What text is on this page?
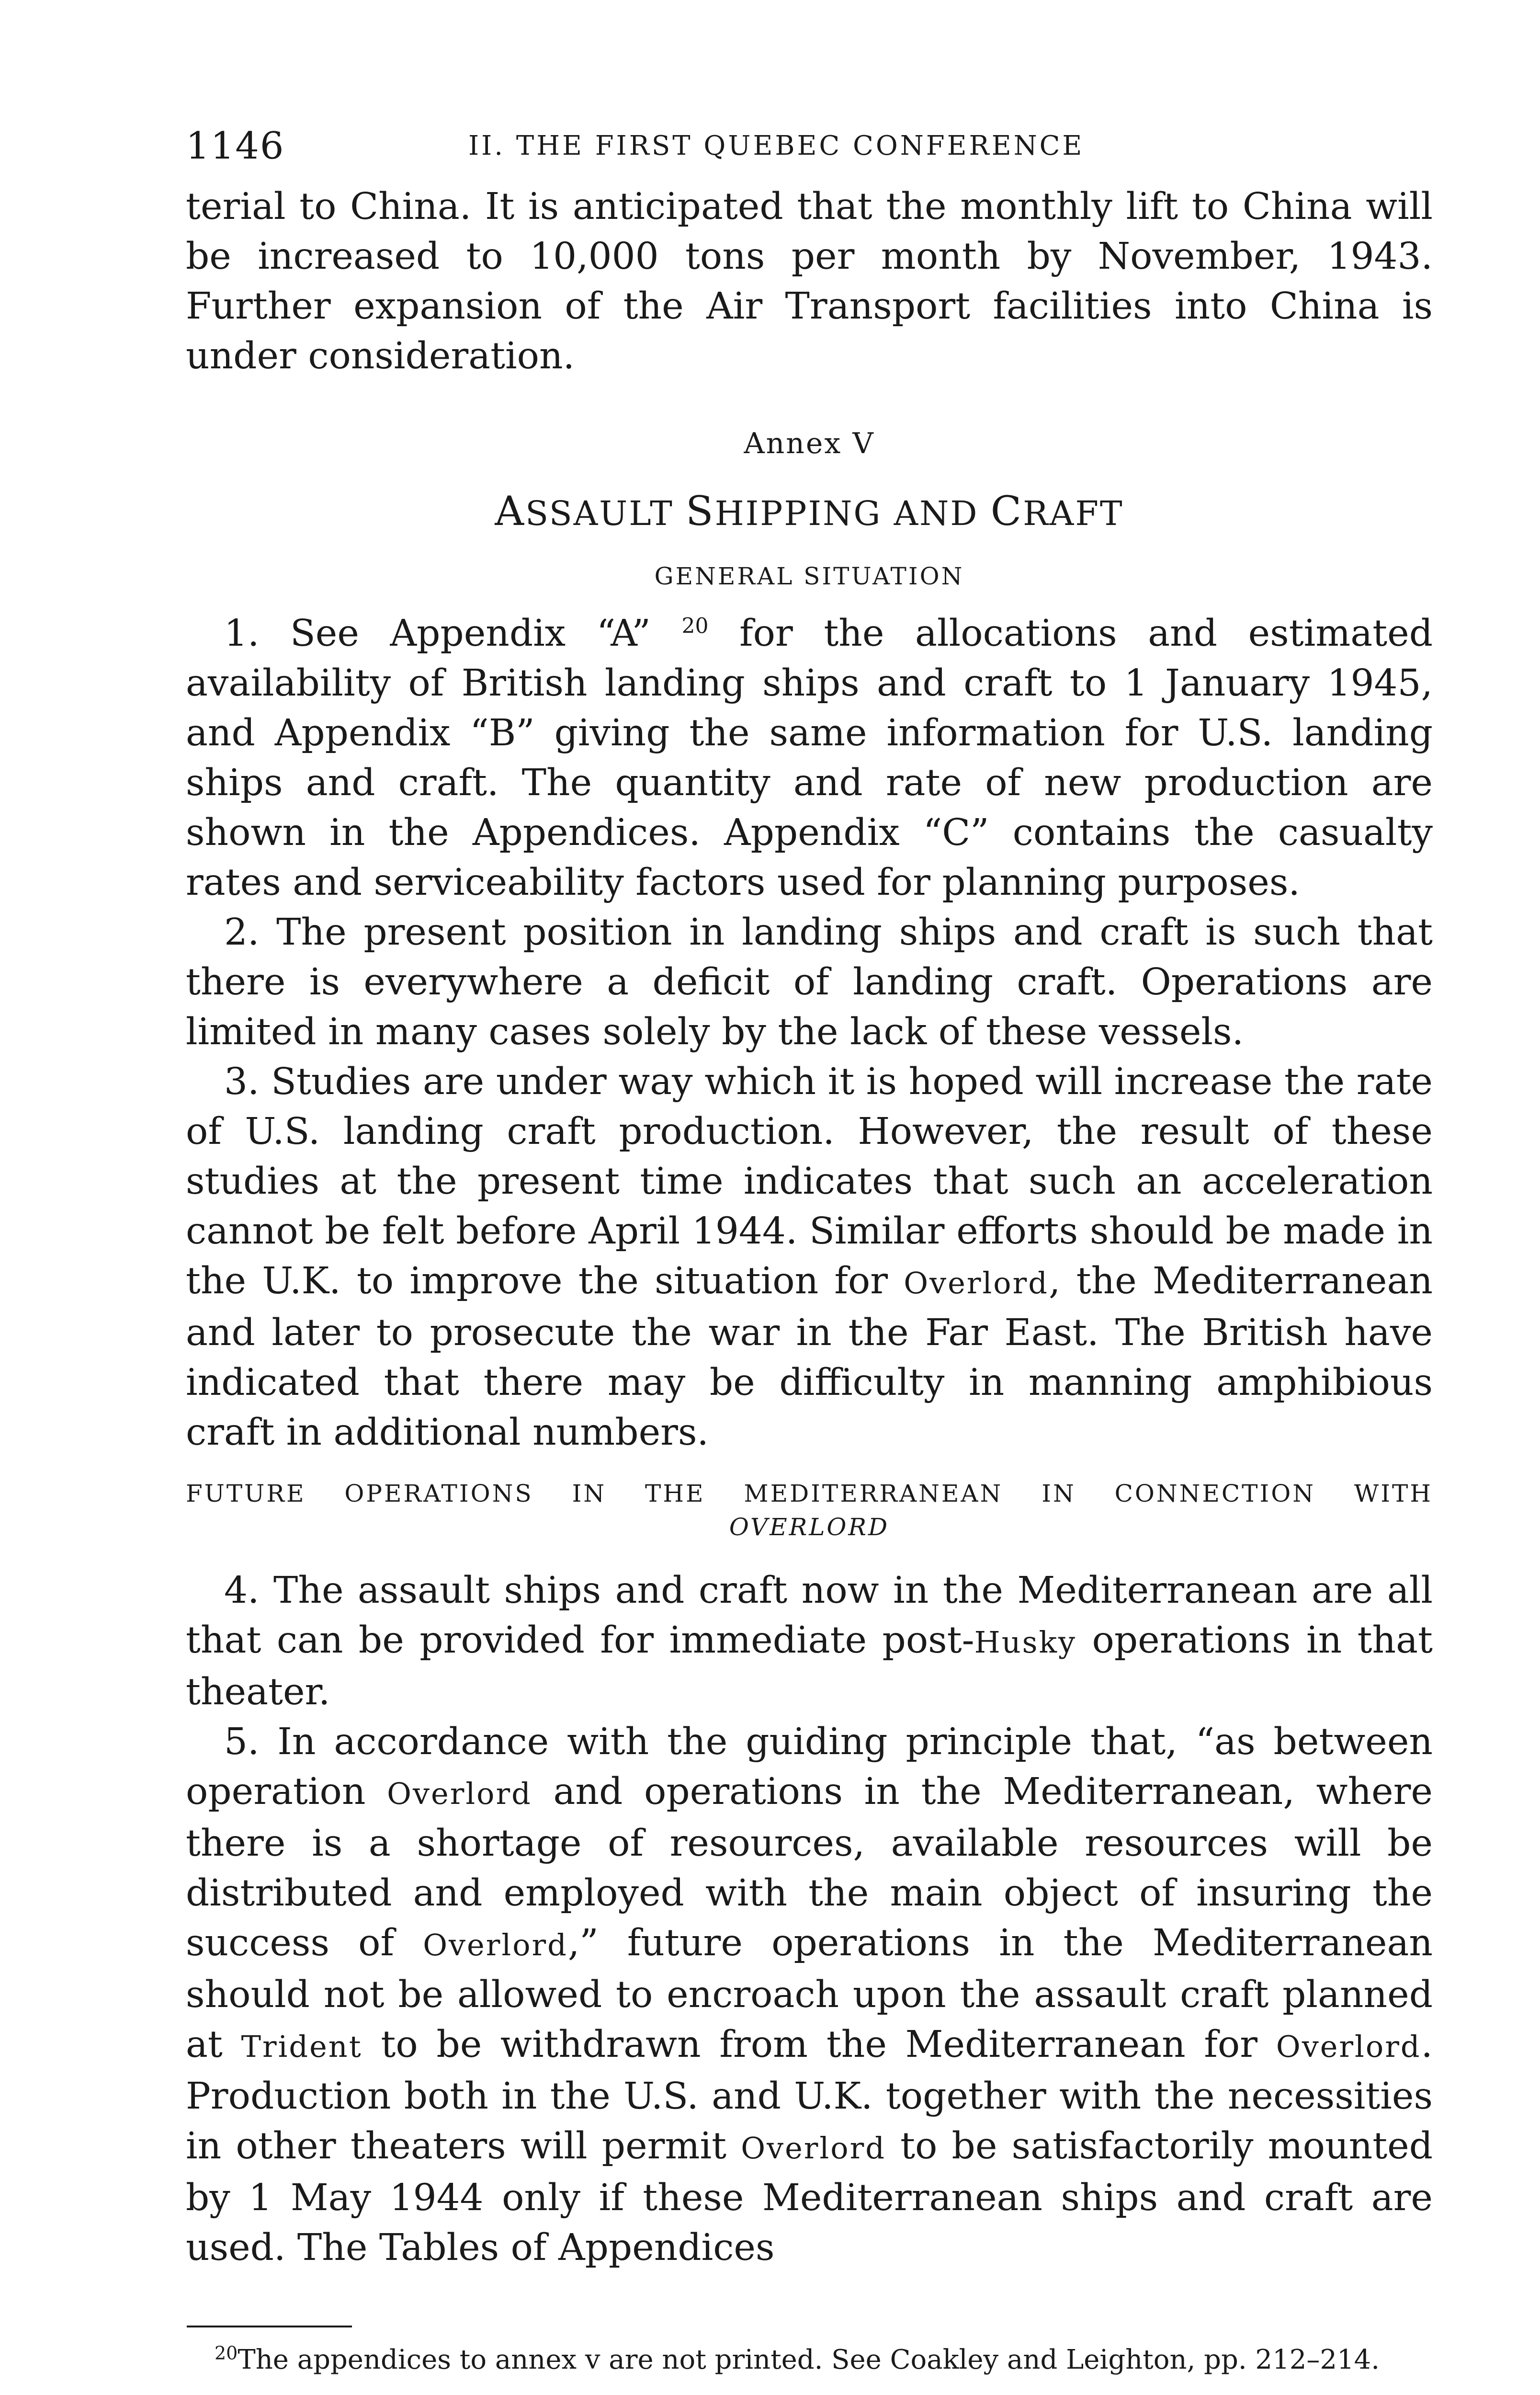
1146	II. THE FIRST QUEBEC CONFERENCE

terial to China. It is anticipated that the monthly lift to China will be increased to 10,000 tons per month by November, 1943. Further expansion of the Air Transport facilities into China is under consideration.

Annex V
ASSAULT SHIPPING AND CRAFT
GENERAL SITUATION

1. See Appendix “A” $^{20}$ for the allocations and estimated availability of British landing ships and craft to 1 January 1945, and Appendix “B” giving the same information for U.S. landing ships and craft. The quantity and rate of new production are shown in the Appendices. Appendix “C” contains the casualty rates and serviceability factors used for planning purposes.

2. The present position in landing ships and craft is such that there is everywhere a deficit of landing craft. Operations are limited in many cases solely by the lack of these vessels.

3. Studies are under way which it is hoped will increase the rate of U.S. landing craft production. However, the result of these studies at the present time indicates that such an acceleration cannot be felt before April 1944. Similar efforts should be made in the U.K. to improve the situation for Overlord, the Mediterranean and later to prosecute the war in the Far East. The British have indicated that there may be difficulty in manning amphibious craft in additional numbers.

FUTURE OPERATIONS IN THE MEDITERRANEAN IN CONNECTION WITH
OVERLORD

4. The assault ships and craft now in the Mediterranean are all that can be provided for immediate post-Husky operations in that theater.

5. In accordance with the guiding principle that, “as between operation Overlord and operations in the Mediterranean, where there is a shortage of resources, available resources will be distributed and employed with the main object of insuring the success of Overlord,” future operations in the Mediterranean should not be allowed to encroach upon the assault craft planned at Trident to be withdrawn from the Mediterranean for Overlord. Production both in the U.S. and U.K. together with the necessities in other theaters will permit Overlord to be satisfactorily mounted by 1 May 1944 only if these Mediterranean ships and craft are used. The Tables of Appendices

$^{20}$The appendices to annex v are not printed. See Coakley and Leighton, pp. 212–214.
